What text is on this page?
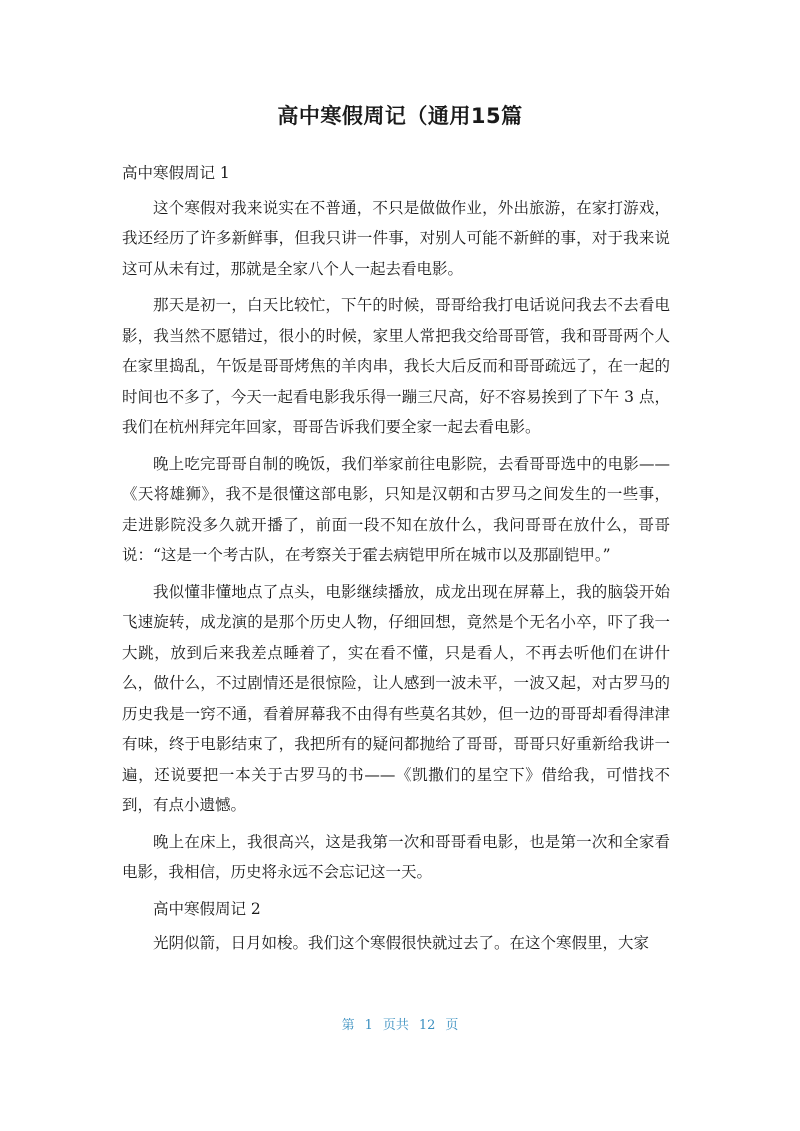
高中寒假周记（通用15篇

高中寒假周记 1

这个寒假对我来说实在不普通，不只是做做作业，外出旅游，在家打游戏，我还经历了许多新鲜事，但我只讲一件事，对别人可能不新鲜的事，对于我来说这可从未有过，那就是全家八个人一起去看电影。

那天是初一，白天比较忙，下午的时候，哥哥给我打电话说问我去不去看电影，我当然不愿错过，很小的时候，家里人常把我交给哥哥管，我和哥哥两个人在家里捣乱，午饭是哥哥烤焦的羊肉串，我长大后反而和哥哥疏远了，在一起的时间也不多了，今天一起看电影我乐得一蹦三尺高，好不容易挨到了下午 3 点，我们在杭州拜完年回家，哥哥告诉我们要全家一起去看电影。

晚上吃完哥哥自制的晚饭，我们举家前往电影院，去看哥哥选中的电影——《天将雄狮》，我不是很懂这部电影，只知是汉朝和古罗马之间发生的一些事，走进影院没多久就开播了，前面一段不知在放什么，我问哥哥在放什么，哥哥说：“这是一个考古队，在考察关于霍去病铠甲所在城市以及那副铠甲。”

我似懂非懂地点了点头，电影继续播放，成龙出现在屏幕上，我的脑袋开始飞速旋转，成龙演的是那个历史人物，仔细回想，竟然是个无名小卒，吓了我一大跳，放到后来我差点睡着了，实在看不懂，只是看人，不再去听他们在讲什么，做什么，不过剧情还是很惊险，让人感到一波未平，一波又起，对古罗马的历史我是一窍不通，看着屏幕我不由得有些莫名其妙，但一边的哥哥却看得津津有味，终于电影结束了，我把所有的疑问都抛给了哥哥，哥哥只好重新给我讲一遍，还说要把一本关于古罗马的书——《凯撒们的星空下》借给我，可惜找不到，有点小遗憾。

晚上在床上，我很高兴，这是我第一次和哥哥看电影，也是第一次和全家看电影，我相信，历史将永远不会忘记这一天。

高中寒假周记 2

光阴似箭，日月如梭。我们这个寒假很快就过去了。在这个寒假里，大家

第 1 页共 12 页
